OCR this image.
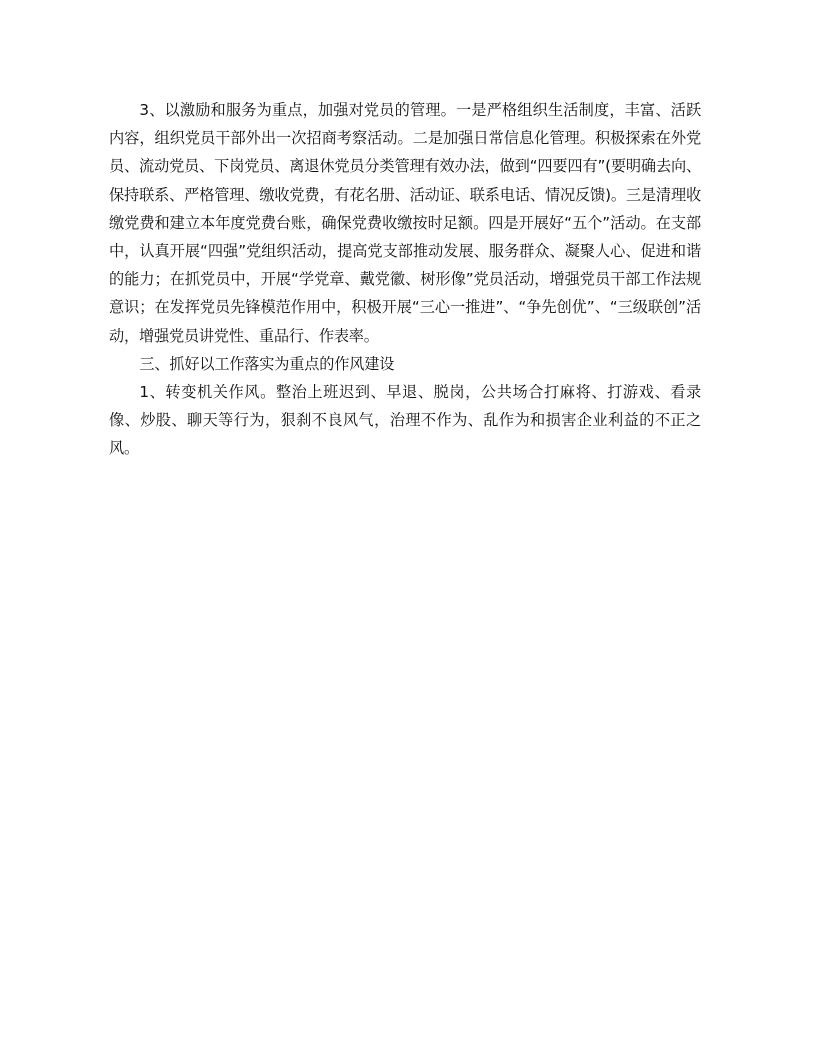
3、以激励和服务为重点，加强对党员的管理。一是严格组织生活制度，丰富、活跃内容，组织党员干部外出一次招商考察活动。二是加强日常信息化管理。积极探索在外党员、流动党员、下岗党员、离退休党员分类管理有效办法，做到“四要四有”(要明确去向、保持联系、严格管理、缴收党费，有花名册、活动证、联系电话、情况反馈)。三是清理收缴党费和建立本年度党费台账，确保党费收缴按时足额。四是开展好“五个”活动。在支部中，认真开展“四强”党组织活动，提高党支部推动发展、服务群众、凝聚人心、促进和谐的能力；在抓党员中，开展“学党章、戴党徽、树形像”党员活动，增强党员干部工作法规意识；在发挥党员先锋模范作用中，积极开展“三心一推进”、“争先创优”、“三级联创”活动，增强党员讲党性、重品行、作表率。

三、抓好以工作落实为重点的作风建设

1、转变机关作风。整治上班迟到、早退、脱岗，公共场合打麻将、打游戏、看录像、炒股、聊天等行为，狠刹不良风气，治理不作为、乱作为和损害企业利益的不正之风。
